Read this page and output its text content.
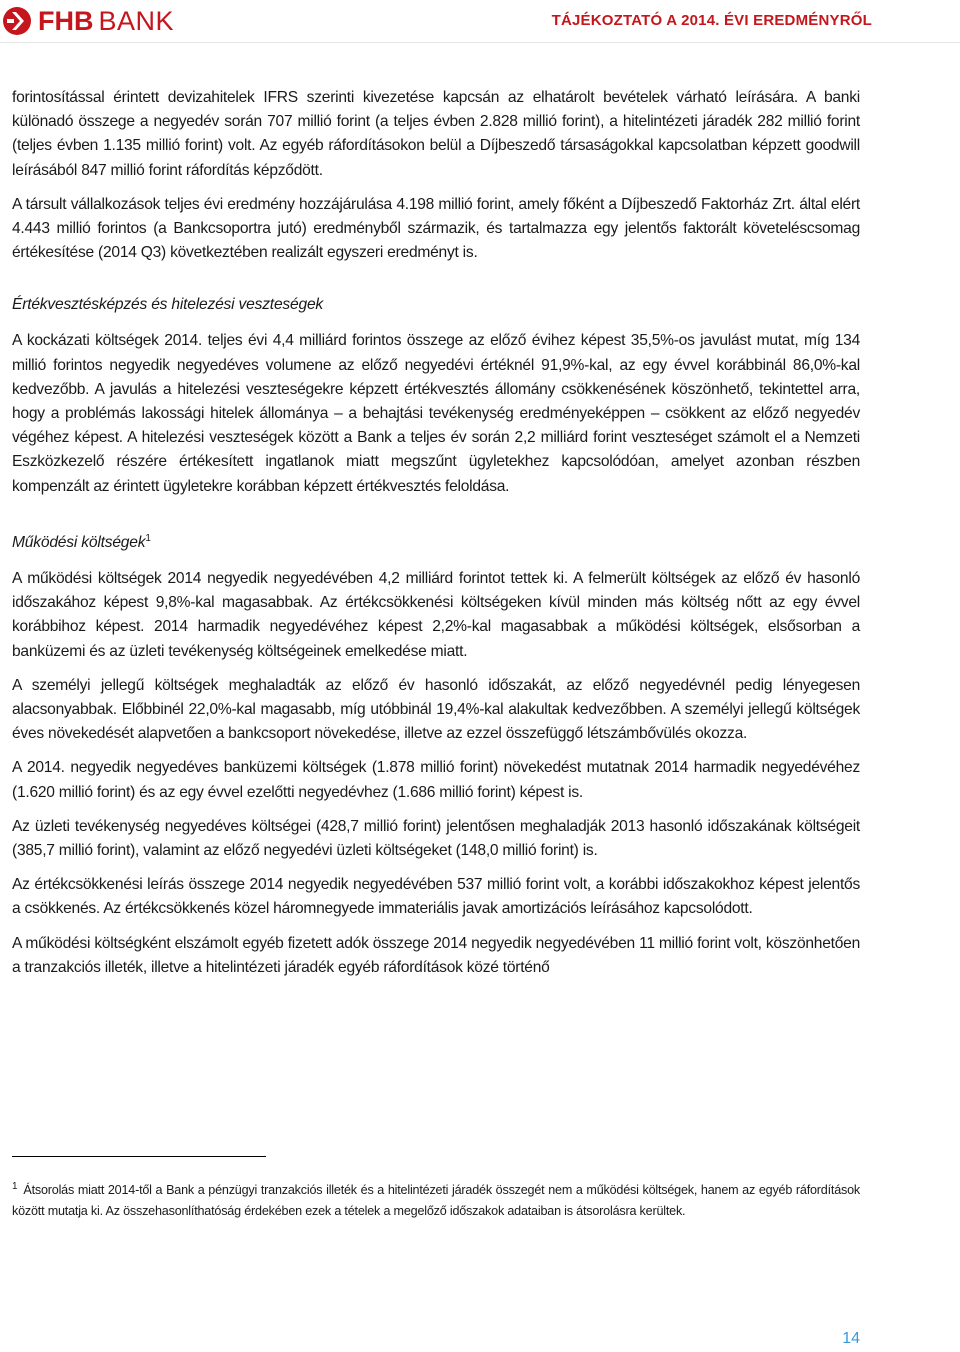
FHB BANK	TÁJÉKOZTATÓ A 2014. ÉVI EREDMÉNYRŐL

forintosítással érintett devizahitelek IFRS szerinti kivezetése kapcsán az elhatárolt bevételek várható leírására. A banki különadó összege a negyedév során 707 millió forint (a teljes évben 2.828 millió forint), a hitelintézeti járadék 282 millió forint (teljes évben 1.135 millió forint) volt. Az egyéb ráfordításokon belül a Díjbeszedő társaságokkal kapcsolatban képzett goodwill leírásából 847 millió forint ráfordítás képződött.

A társult vállalkozások teljes évi eredmény hozzájárulása 4.198 millió forint, amely főként a Díjbeszedő Faktorház Zrt. által elért 4.443 millió forintos (a Bankcsoportra jutó) eredményből származik, és tartalmazza egy jelentős faktorált követeléscsomag értékesítése (2014 Q3) következtében realizált egyszeri eredményt is.

Értékvesztésképzés és hitelezési veszteségek

A kockázati költségek 2014. teljes évi 4,4 milliárd forintos összege az előző évihez képest 35,5%-os javulást mutat, míg 134 millió forintos negyedik negyedéves volumene az előző negyedévi értéknél 91,9%-kal, az egy évvel korábbinál 86,0%-kal kedvezőbb. A javulás a hitelezési veszteségekre képzett értékvesztés állomány csökkenésének köszönhető, tekintettel arra, hogy a problémás lakossági hitelek állománya – a behajtási tevékenység eredményeképpen – csökkent az előző negyedév végéhez képest. A hitelezési veszteségek között a Bank a teljes év során 2,2 milliárd forint veszteséget számolt el a Nemzeti Eszközkezelő részére értékesített ingatlanok miatt megszűnt ügyletekhez kapcsolódóan, amelyet azonban részben kompenzált az érintett ügyletekre korábban képzett értékvesztés feloldása.

Működési költségek$^1$

A működési költségek 2014 negyedik negyedévében 4,2 milliárd forintot tettek ki. A felmerült költségek az előző év hasonló időszakához képest 9,8%-kal magasabbak. Az értékcsökkenési költségeken kívül minden más költség nőtt az egy évvel korábbihoz képest. 2014 harmadik negyedévéhez képest 2,2%-kal magasabbak a működési költségek, elsősorban a banküzemi és az üzleti tevékenység költségeinek emelkedése miatt.

A személyi jellegű költségek meghaladták az előző év hasonló időszakát, az előző negyedévnél pedig lényegesen alacsonyabbak. Előbbinél 22,0%-kal magasabb, míg utóbbinál 19,4%-kal alakultak kedvezőbben. A személyi jellegű költségek éves növekedését alapvetően a bankcsoport növekedése, illetve az ezzel összefüggő létszámbővülés okozza.

A 2014. negyedik negyedéves banküzemi költségek (1.878 millió forint) növekedést mutatnak 2014 harmadik negyedévéhez (1.620 millió forint) és az egy évvel ezelőtti negyedévhez (1.686 millió forint) képest is.

Az üzleti tevékenység negyedéves költségei (428,7 millió forint) jelentősen meghaladják 2013 hasonló időszakának költségeit (385,7 millió forint), valamint az előző negyedévi üzleti költségeket (148,0 millió forint) is.

Az értékcsökkenési leírás összege 2014 negyedik negyedévében 537 millió forint volt, a korábbi időszakokhoz képest jelentős a csökkenés. Az értékcsökkenés közel háromnegyede immateriális javak amortizációs leírásához kapcsolódott.

A működési költségként elszámolt egyéb fizetett adók összege 2014 negyedik negyedévében 11 millió forint volt, köszönhetően a tranzakciós illeték, illetve a hitelintézeti járadék egyéb ráfordítások közé történő

$^1$ Átsorolás miatt 2014-től a Bank a pénzügyi tranzakciós illeték és a hitelintézeti járadék összegét nem a működési költségek, hanem az egyéb ráfordítások között mutatja ki. Az összehasonlíthatóság érdekében ezek a tételek a megelőző időszakok adataiban is átsorolásra kerültek.
14
